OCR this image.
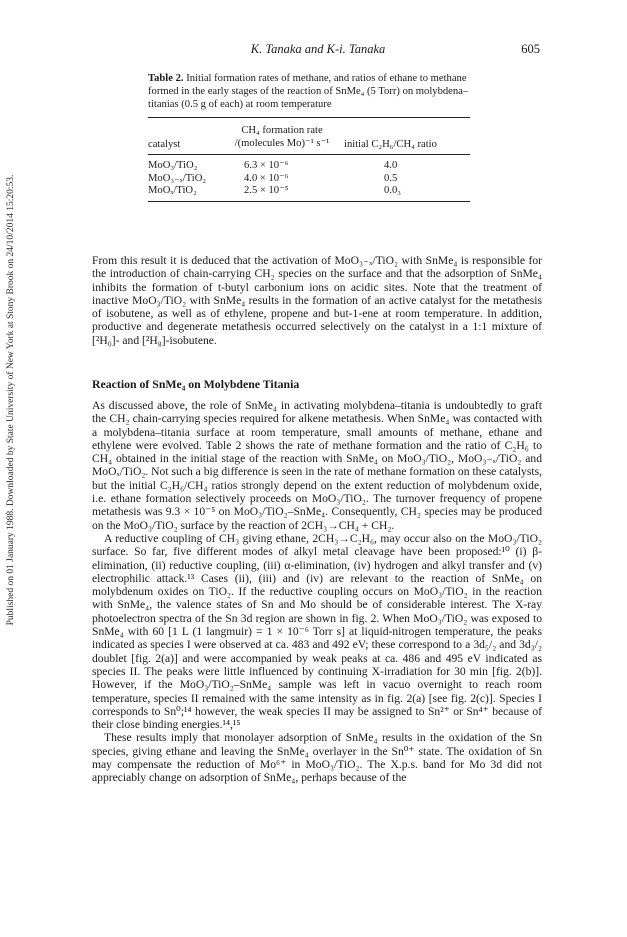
Published on 01 January 1988. Downloaded by State University of New York at Stony Brook on 24/10/2014 15:20:53.
K. Tanaka and K-i. Tanaka	605

Table 2. Initial formation rates of methane, and ratios of ethane to methane formed in the early stages of the reaction of SnMe₄ (5 Torr) on molybdena–titanias (0.5 g of each) at room temperature

catalyst
CH₄ formation rate
/(molecules Mo)⁻¹ s⁻¹	initial C₂H₆/CH₄ ratio
MoO₃/TiO₂	6.3 × 10⁻⁶	4.0
MoO₃₋ₓ/TiO₂	4.0 × 10⁻⁶	0.5
MoOₓ/TiO₂	2.5 × 10⁻⁵	0.0₃

From this result it is deduced that the activation of MoO₃₋ₓ/TiO₂ with SnMe₄ is responsible for the introduction of chain-carrying CH₂ species on the surface and that the adsorption of SnMe₄ inhibits the formation of t-butyl carbonium ions on acidic sites. Note that the treatment of inactive MoO₃/TiO₂ with SnMe₄ results in the formation of an active catalyst for the metathesis of isobutene, as well as of ethylene, propene and but-1-ene at room temperature. In addition, productive and degenerate metathesis occurred selectively on the catalyst in a 1:1 mixture of [²H₀]- and [²H₈]-isobutene.

Reaction of SnMe₄ on Molybdene Titania

As discussed above, the role of SnMe₄ in activating molybdena–titania is undoubtedly to graft the CH₂ chain-carrying species required for alkene metathesis. When SnMe₄ was contacted with a molybdena–titania surface at room temperature, small amounts of methane, ethane and ethylene were evolved. Table 2 shows the rate of methane formation and the ratio of C₂H₆ to CH₄ obtained in the initial stage of the reaction with SnMe₄ on MoO₃/TiO₂, MoO₃₋ₓ/TiO₂ and MoOₓ/TiO₂. Not such a big difference is seen in the rate of methane formation on these catalysts, but the initial C₂H₆/CH₄ ratios strongly depend on the extent reduction of molybdenum oxide, i.e. ethane formation selectively proceeds on MoO₃/TiO₂. The turnover frequency of propene metathesis was 9.3 × 10⁻⁵ on MoO₃/TiO₂–SnMe₄. Consequently, CH₂ species may be produced on the MoO₃/TiO₂ surface by the reaction of 2CH₃→CH₄ + CH₂.

A reductive coupling of CH₃ giving ethane, 2CH₃→C₂H₆, may occur also on the MoO₃/TiO₂ surface. So far, five different modes of alkyl metal cleavage have been proposed:¹⁰ (i) β-elimination, (ii) reductive coupling, (iii) α-elimination, (iv) hydrogen and alkyl transfer and (v) electrophilic attack.¹³ Cases (ii), (iii) and (iv) are relevant to the reaction of SnMe₄ on molybdenum oxides on TiO₂. If the reductive coupling occurs on MoO₃/TiO₂ in the reaction with SnMe₄, the valence states of Sn and Mo should be of considerable interest. The X-ray photoelectron spectra of the Sn 3d region are shown in fig. 2. When MoO₃/TiO₂ was exposed to SnMe₄ with 60 [1 L (1 langmuir) = 1 × 10⁻⁶ Torr s] at liquid-nitrogen temperature, the peaks indicated as species I were observed at ca. 483 and 492 eV; these correspond to a 3d₅/₂ and 3d₃/₂ doublet [fig. 2(a)] and were accompanied by weak peaks at ca. 486 and 495 eV indicated as species II. The peaks were little influenced by continuing X-irradiation for 30 min [fig. 2(b)]. However, if the MoO₃/TiO₂–SnMe₄ sample was left in vacuo overnight to reach room temperature, species II remained with the same intensity as in fig. 2(a) [see fig. 2(c)]. Species I corresponds to Sn⁰;¹⁴ however, the weak species II may be assigned to Sn²⁺ or Sn⁴⁺ because of their close binding energies.¹⁴,¹⁵

These results imply that monolayer adsorption of SnMe₄ results in the oxidation of the Sn species, giving ethane and leaving the SnMe₄ overlayer in the Sn⁰⁺ state. The oxidation of Sn may compensate the reduction of Mo⁶⁺ in MoO₃/TiO₂. The X.p.s. band for Mo 3d did not appreciably change on adsorption of SnMe₄, perhaps because of the
